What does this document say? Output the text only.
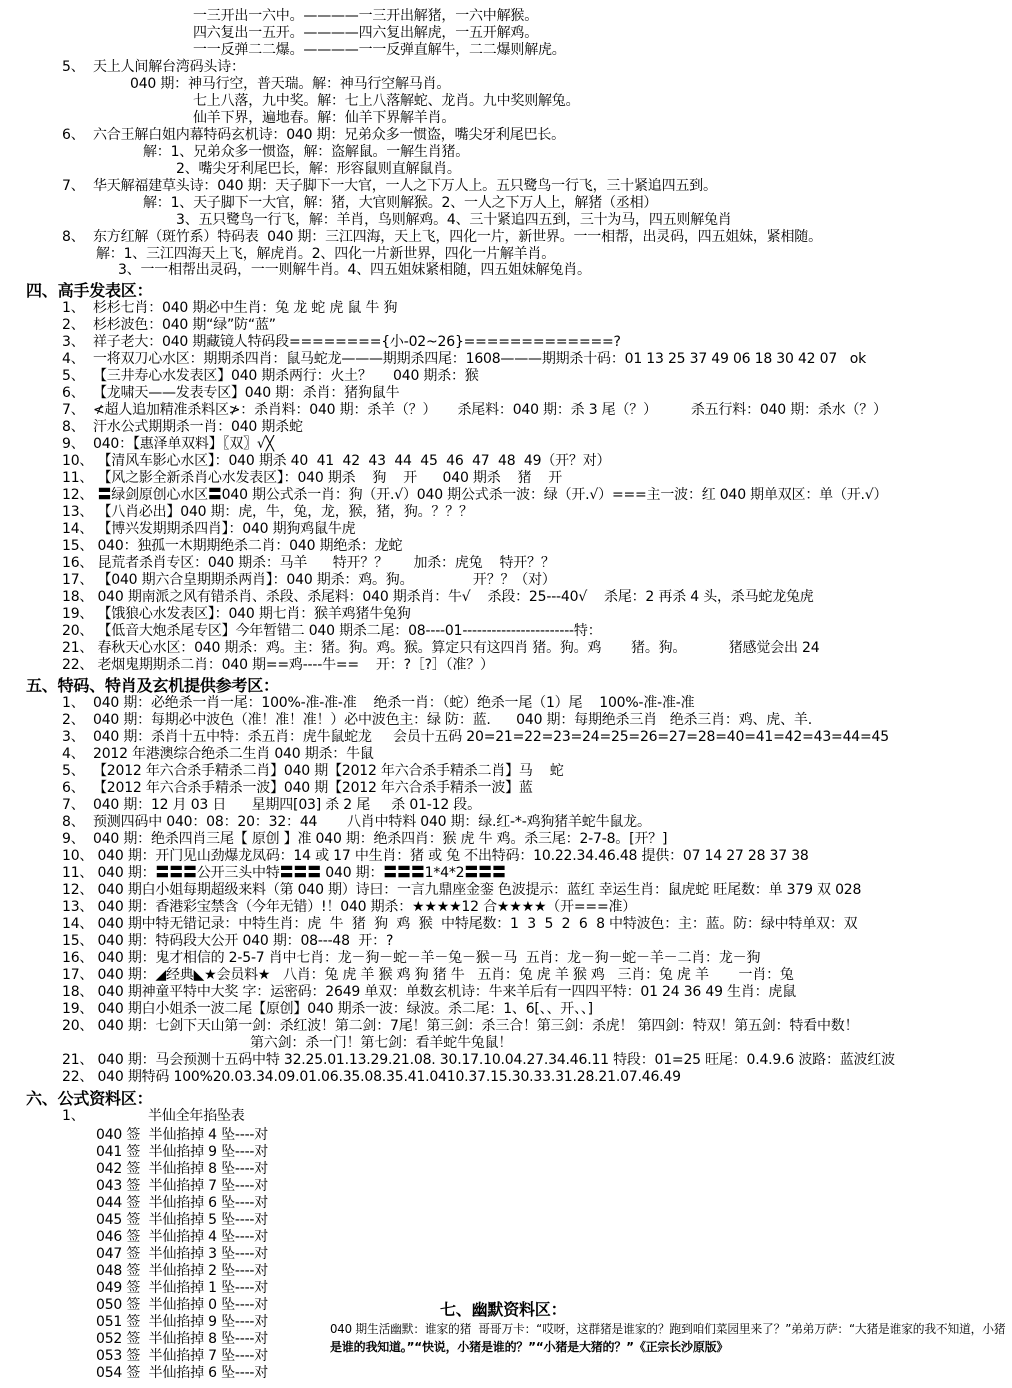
一三开出一六中。————一三开出解猪，一六中解猴。
四六复出一五开。————四六复出解虎，一五开解鸡。
一一反弹二二爆。————一一反弹直解牛，二二爆则解虎。
5、  天上人间解台湾码头诗：
040 期：神马行空，普天瑞。解：神马行空解马肖。
七上八落，九中奖。解：七上八落解蛇、龙肖。九中奖则解兔。
仙羊下界，遍地春。解：仙羊下界解羊肖。
6、  六合王解白姐内幕特码玄机诗：040 期：兄弟众多一惯盗，嘴尖牙利尾巴长。
解：1、兄弟众多一惯盗，解：盗解鼠。一解生肖猪。
2、嘴尖牙利尾巴长，解：形容鼠则直解鼠肖。
7、  华天解福建草头诗：040 期：天子脚下一大官，一人之下万人上。五只鹭鸟一行飞，三十紧追四五到。
解：1、天子脚下一大官，解：猪，大官则解猴。2、一人之下万人上，解猪（丞相）
3、五只鹭鸟一行飞，解：羊肖，鸟则解鸡。4、三十紧追四五到，三十为马，四五则解兔肖
8、  东方红解（斑竹系）特码表  040 期：三江四海，天上飞，四化一片，新世界。一一相帮，出灵码，四五姐妹，紧相随。
解：1、三江四海天上飞，解虎肖。2、四化一片新世界，四化一片解羊肖。
3、一一相帮出灵码，一一则解牛肖。4、四五姐妹紧相随，四五姐妹解兔肖。
四、高手发表区：
1、  杉杉七肖：040 期必中生肖：兔 龙 蛇 虎 鼠 牛 狗
2、  杉杉波色：040 期“绿”防“蓝”
3、  祥子老大：040 期藏镜人特码段========{小-02~26}=============?
4、  一将双刀心水区：期期杀四肖：鼠马蛇龙———期期杀四尾：1608———期期杀十码：01 13 25 37 49 06 18 30 42 07   ok
5、  【三井寿心水发表区】040 期杀两行：火土？     040 期杀：猴
6、  【龙啸天——发表专区】040 期：杀肖：猪狗鼠牛
7、  ≮超人追加精准杀料区≯：杀肖料：040 期：杀羊（？）     杀尾料：040 期：杀 3 尾（？）        杀五行料：040 期：杀水（？）
8、  汗水公式期期杀一肖：040 期杀蛇
9、  040：【惠泽单双料】〖双〗√╳
10、 【清风车影心水区】：040 期杀 40  41  42  43  44  45  46  47  48  49（开？对）
11、 【风之影全新杀肖心水发表区】：040 期杀    狗    开      040 期杀    猪    开
12、 〓绿剑原创心水区〓040 期公式杀一肖：狗（开.√）040 期公式杀一波：绿（开.√）===主一波：红 040 期单双区：单（开.√）
13、 【八肖必出】040 期：虎，牛，兔，龙，猴，猪，狗。？？？
14、 【博兴发期期杀四肖】：040 期狗鸡鼠牛虎
15、 040：独孤一木期期绝杀二肖：040 期绝杀：龙蛇
16、 昆荒者杀肖专区：040 期杀：马羊      特开？？      加杀：虎兔    特开？？
17、 【040 期六合皇期期杀两肖】：040 期杀：鸡。狗。              开？？（对）
18、 040 期南派之风有错杀肖、杀段、杀尾料：040 期杀肖：牛√    杀段：25---40√    杀尾：2 再杀 4 头，杀马蛇龙兔虎
19、 【饿狼心水发表区】：040 期七肖：猴羊鸡猪牛兔狗
20、 【低音大炮杀尾专区】今年暂错二 040 期杀二尾：08----01-----------------------特：
21、 春秋天心水区：040 期杀：鸡。主：猪。狗。鸡。猴。算定只有这四肖 猪。狗。鸡       猪。狗。          猪感觉会出 24
22、 老烟鬼期期杀二肖：040 期==鸡----牛==    开：?［?］（准？）
五、特码、特肖及玄机提供参考区：
1、  040 期：必绝杀一肖一尾：100%-准-准-准    绝杀一肖：（蛇）绝杀一尾（1）尾    100%-准-准-准
2、  040 期：每期必中波色（准！准！准！）必中波色主：绿 防：蓝.      040 期：每期绝杀三肖   绝杀三肖：鸡、虎、羊.
3、  040 期：杀肖十五中特：杀五肖：虎牛鼠蛇龙     会员十五码 20=21=22=23=24=25=26=27=28=40=41=42=43=44=45
4、  2012 年港澳综合绝杀二生肖 040 期杀：牛鼠
5、  【2012 年六合杀手精杀二肖】040 期【2012 年六合杀手精杀二肖】马    蛇
6、  【2012 年六合杀手精杀一波】040 期【2012 年六合杀手精杀一波】蓝
7、  040 期：12 月 03 日      星期四[03] 杀 2 尾     杀 01-12 段。
8、  预测四码中 040：08：20：32：44       八肖中特料 040 期：绿.红-*-鸡狗猪羊蛇牛鼠龙。
9、  040 期：绝杀四肖三尾【 原创 】准 040 期：绝杀四肖：猴 虎 牛 鸡。杀三尾：2-7-8。[开？]
10、 040 期：开门见山劲爆龙凤码：14 或 17 中生肖：猪 或 兔 不出特码：10.22.34.46.48 提供：07 14 27 28 37 38
11、 040 期：〓〓〓公开三头中特〓〓〓 040 期：〓〓〓1*4*2〓〓〓
12、 040 期白小姐每期超级来料（第 040 期）诗曰：一言九鼎座金銮 色波提示：蓝红 幸运生肖：鼠虎蛇 旺尾数：单 379 双 028
13、 040 期：香港彩宝禁含（今年无错）!！040 期杀：★★★★12 合★★★★（开===准）
14、 040 期中特无错记录：中特生肖：虎  牛  猪  狗  鸡  猴  中特尾数：1  3  5  2  6  8 中特波色：主：蓝。防：绿中特单双：双
15、 040 期：特码段大公开 040 期：08---48  开：?
16、 040 期：鬼才相信的 2-5-7 肖中七肖：龙－狗－蛇－羊－兔－猴－马  五肖：龙－狗－蛇－羊－二肖：龙－狗
17、 040 期：◢经典◣★会员料★   八肖：兔 虎 羊 猴 鸡 狗 猪 牛   五肖：兔 虎 羊 猴 鸡   三肖：兔 虎 羊       一肖：兔
18、 040 期神童平特中大奖 字：运密码：2649 单双：单数玄机诗：牛来羊后有一四四平特：01 24 36 49 生肖：虎鼠
19、 040 期白小姐杀一波二尾【原创】040 期杀一波：绿波。杀二尾：1、6[、、开、、]
20、 040 期：七剑下天山第一剑：杀红波！第二剑：7尾！第三剑：杀三合！第三剑：杀虎！ 第四剑：特双！第五剑：特看中数！
第六剑：杀一门！第七剑：看羊蛇牛兔鼠！
21、 040 期：马会预测十五码中特 32.25.01.13.29.21.08. 30.17.10.04.27.34.46.11 特段：01=25 旺尾：0.4.9.6 波路：蓝波红波
22、 040 期特码 100%20.03.34.09.01.06.35.08.35.41.0410.37.15.30.33.31.28.21.07.46.49
六、公式资料区：
1、	半仙全年掐坠表
040 签  半仙掐掉 4 坠----对
041 签  半仙掐掉 9 坠----对
042 签  半仙掐掉 8 坠----对
043 签  半仙掐掉 7 坠----对
044 签  半仙掐掉 6 坠----对
045 签  半仙掐掉 5 坠----对
046 签  半仙掐掉 4 坠----对
047 签  半仙掐掉 3 坠----对
048 签  半仙掐掉 2 坠----对
049 签  半仙掐掉 1 坠----对
050 签  半仙掐掉 0 坠----对
051 签  半仙掐掉 9 坠----对
052 签  半仙掐掉 8 坠----对
053 签  半仙掐掉 7 坠----对
054 签  半仙掐掉 6 坠----对
七、幽默资料区：
040 期生活幽默：谁家的猪  哥哥万卡：“哎呀，这群猪是谁家的？跑到咱们菜园里来了？”弟弟万萨：“大猪是谁家的我不知道，小猪
是谁的我知道。”“快说，小猪是谁的？”“小猪是大猪的？”《正宗长沙原版》
